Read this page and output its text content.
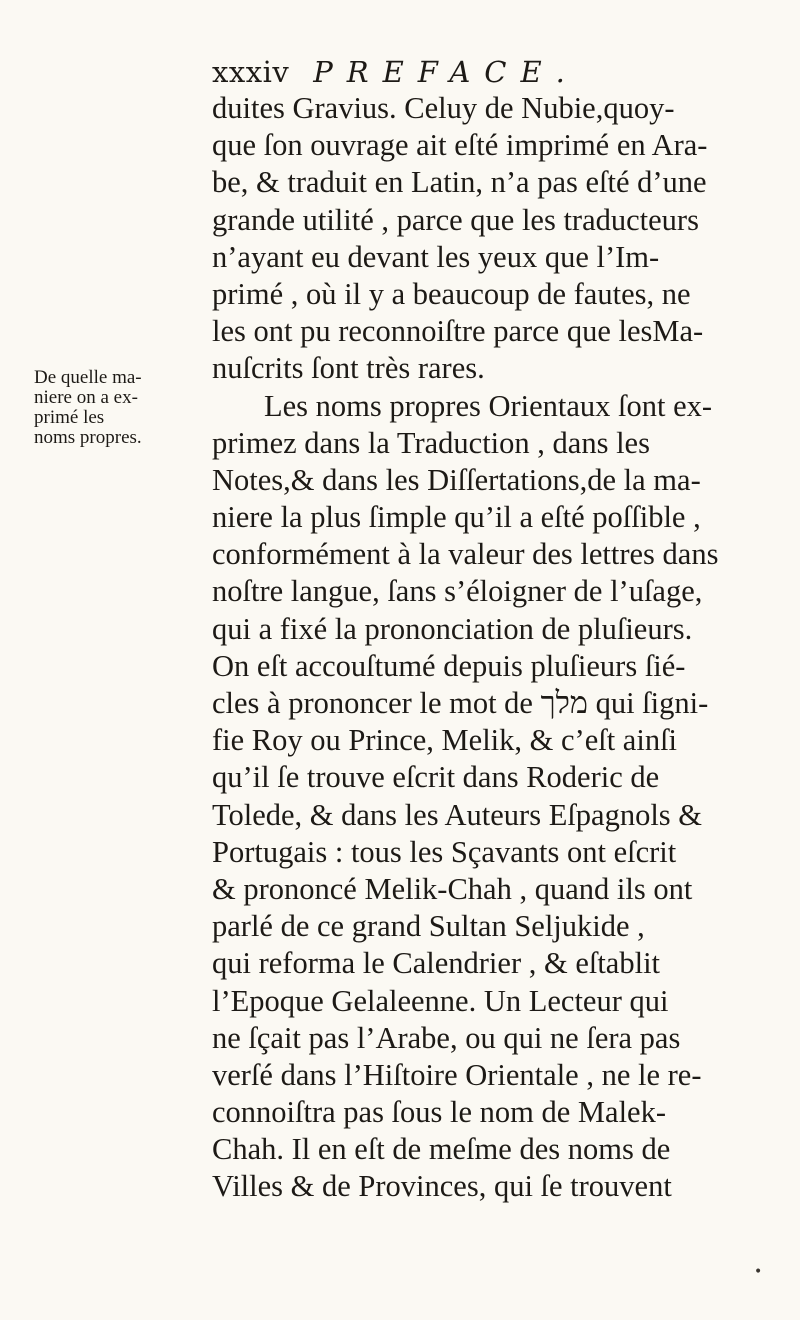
xxxiv PREFACE.
De quelle ma-
niere on a ex-
primé les
noms propres.
duites Gravius. Celuy de Nubie,quoy-
que ſon ouvrage ait eſté imprimé en Ara-
be, & traduit en Latin, n’a pas eſté d’une
grande utilité , parce que les traducteurs
n’ayant eu devant les yeux que l’Im-
primé , où il y a beaucoup de fautes, ne
les ont pu reconnoiſtre parce que lesMa-
nuſcrits ſont très rares.
Les noms propres Orientaux ſont ex-
primez dans la Traduction , dans les
Notes,& dans les Diſſertations,de la ma-
niere la plus ſimple qu’il a eſté poſſible ,
conformément à la valeur des lettres dans
noſtre langue, ſans s’éloigner de l’uſage,
qui a fixé la prononciation de pluſieurs.
On eſt accouſtumé depuis pluſieurs ſié-
cles à prononcer le mot de מלך qui ſigni-
fie Roy ou Prince, Melik, & c’eſt ainſi
qu’il ſe trouve eſcrit dans Roderic de
Tolede, & dans les Auteurs Eſpagnols &
Portugais : tous les Sçavants ont eſcrit
& prononcé Melik-Chah , quand ils ont
parlé de ce grand Sultan Seljukide ,
qui reforma le Calendrier , & eſtablit
l’Epoque Gelaleenne. Un Lecteur qui
ne ſçait pas l’Arabe, ou qui ne ſera pas
verſé dans l’Hiſtoire Orientale , ne le re-
connoiſtra pas ſous le nom de Malek-
Chah. Il en eſt de meſme des noms de
Villes & de Provinces, qui ſe trouvent
•
